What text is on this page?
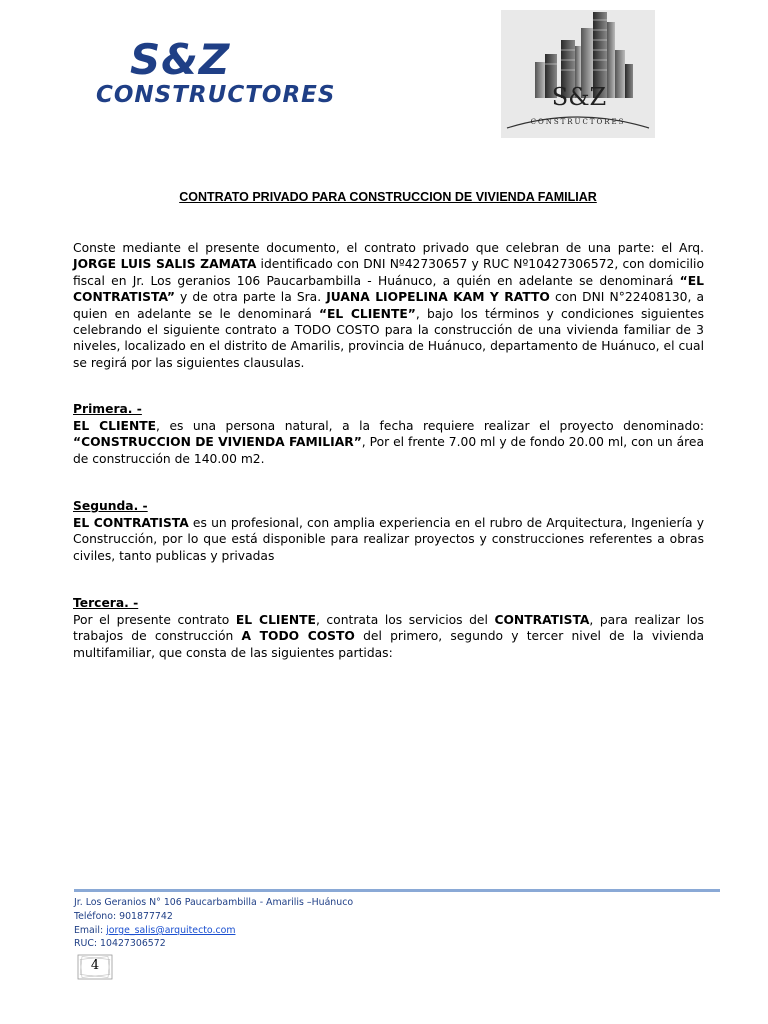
S&Z
CONSTRUCTORES	S&Z
CONSTRUCTORES
CONTRATO PRIVADO PARA CONSTRUCCION DE VIVIENDA FAMILIAR
Conste mediante el presente documento, el contrato privado que celebran de una parte: el Arq. JORGE LUIS SALIS ZAMATA identificado con DNI Nº42730657 y RUC Nº10427306572, con domicilio fiscal en Jr. Los geranios 106 Paucarbambilla - Huánuco, a quién en adelante se denominará “EL CONTRATISTA” y de otra parte la Sra. JUANA LIOPELINA KAM Y RATTO con DNI N°22408130, a quien en adelante se le denominará “EL CLIENTE”, bajo los términos y condiciones siguientes celebrando el siguiente contrato a TODO COSTO para la construcción de una vivienda familiar de 3 niveles, localizado en el distrito de Amarilis, provincia de Huánuco, departamento de Huánuco, el cual se regirá por las siguientes clausulas.
Primera. -
EL CLIENTE, es una persona natural, a la fecha requiere realizar el proyecto denominado: “CONSTRUCCION DE VIVIENDA FAMILIAR”, Por el frente 7.00 ml y de fondo 20.00 ml, con un área de construcción de 140.00 m2.
Segunda. -
EL CONTRATISTA es un profesional, con amplia experiencia en el rubro de Arquitectura, Ingeniería y Construcción, por lo que está disponible para realizar proyectos y construcciones referentes a obras civiles, tanto publicas y privadas
Tercera. -
Por el presente contrato EL CLIENTE, contrata los servicios del CONTRATISTA, para realizar los trabajos de construcción A TODO COSTO del primero, segundo y tercer nivel de la vivienda multifamiliar, que consta de las siguientes partidas:
Jr. Los Geranios N° 106 Paucarbambilla - Amarilis –Huánuco
Teléfono: 901877742
Email: jorge_salis@arquitecto.com
RUC: 10427306572
4
